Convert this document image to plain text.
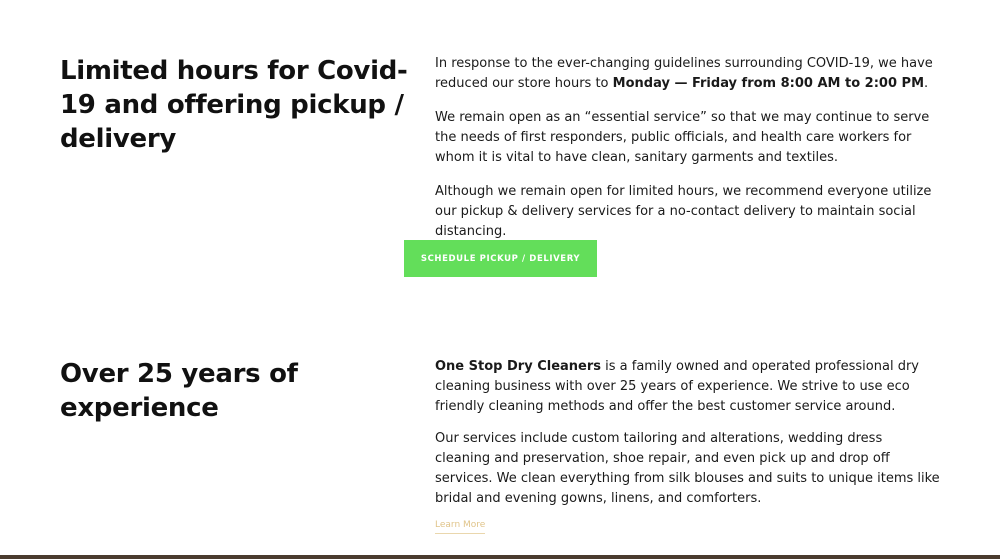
Limited hours for Covid-19 and offering pickup / delivery

In response to the ever-changing guidelines surrounding COVID-19, we have reduced our store hours to Monday — Friday from 8:00 AM to 2:00 PM.

We remain open as an “essential service” so that we may continue to serve the needs of first responders, public officials, and health care workers for whom it is vital to have clean, sanitary garments and textiles.

Although we remain open for limited hours, we recommend everyone utilize our pickup & delivery services for a no-contact delivery to maintain social distancing.

SCHEDULE PICKUP / DELIVERY
Over 25 years of experience

One Stop Dry Cleaners is a family owned and operated professional dry cleaning business with over 25 years of experience. We strive to use eco friendly cleaning methods and offer the best customer service around.

Our services include custom tailoring and alterations, wedding dress cleaning and preservation, shoe repair, and even pick up and drop off services. We clean everything from silk blouses and suits to unique items like bridal and evening gowns, linens, and comforters.

Learn More
